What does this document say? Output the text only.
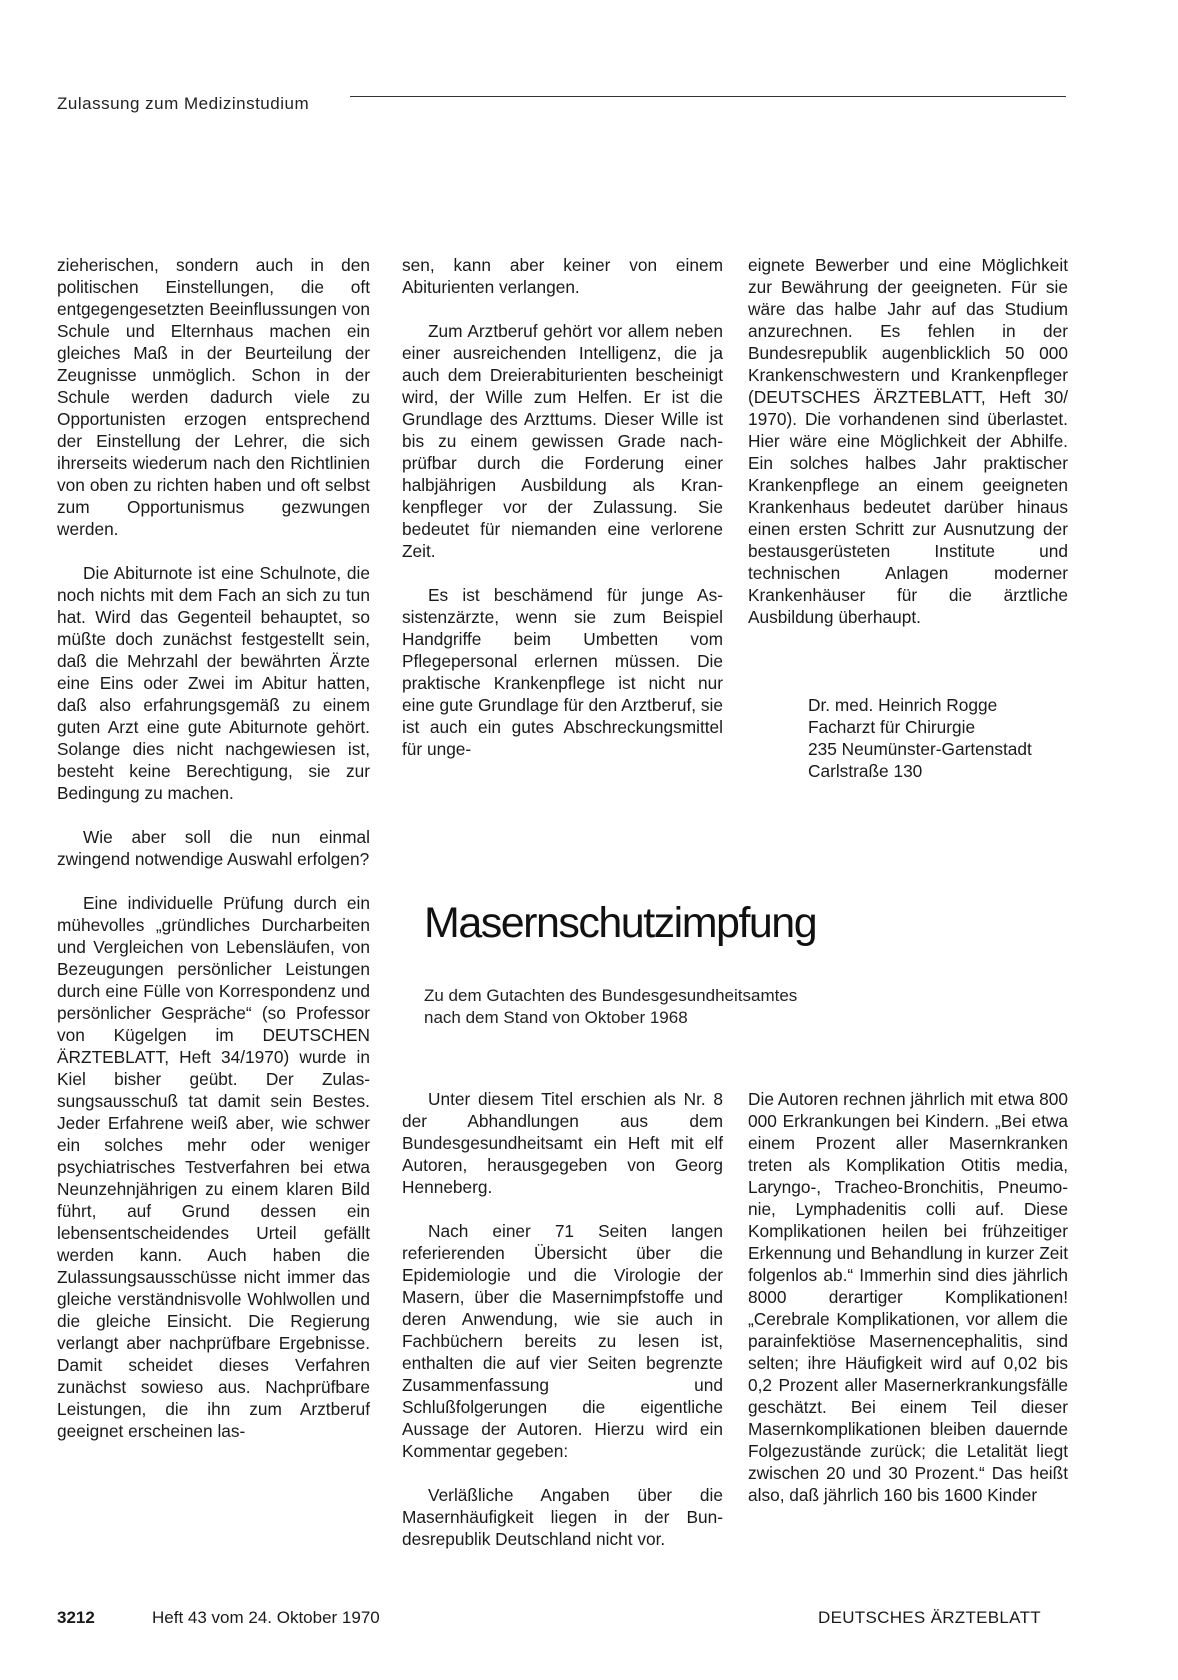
Zulassung zum Medizinstudium

zieherischen, sondern auch in den politischen Einstellungen, die oft entgegengesetzten Beeinflussungen von Schule und Elternhaus machen ein gleiches Maß in der Beurteilung der Zeugnisse unmöglich. Schon in der Schule werden dadurch viele zu Opportunisten erzogen entsprechend der Einstellung der Lehrer, die sich ihrerseits wiederum nach den Richtlinien von oben zu richten haben und oft selbst zum Opportunismus gezwungen werden.

Die Abiturnote ist eine Schulnote, die noch nichts mit dem Fach an sich zu tun hat. Wird das Gegenteil behauptet, so müßte doch zunächst festgestellt sein, daß die Mehrzahl der bewährten Ärzte eine Eins oder Zwei im Abitur hatten, daß also erfahrungsgemäß zu einem guten Arzt eine gute Abiturnote gehört. Solange dies nicht nachgewiesen ist, besteht keine Berechtigung, sie zur Bedingung zu machen.

Wie aber soll die nun einmal zwingend notwendige Auswahl erfolgen?

Eine individuelle Prüfung durch ein mühevolles „gründliches Durcharbeiten und Vergleichen von Lebensläufen, von Bezeugungen persönlicher Leistungen durch eine Fülle von Korrespondenz und persönlicher Gespräche“ (so Professor von Kügelgen im DEUTSCHEN ÄRZTEBLATT, Heft 34/1970) wurde in Kiel bisher geübt. Der Zulassungsausschuß tat damit sein Bestes. Jeder Erfahrene weiß aber, wie schwer ein solches mehr oder weniger psychiatrisches Testverfahren bei etwa Neunzehnjährigen zu einem klaren Bild führt, auf Grund dessen ein lebensentscheidendes Urteil gefällt werden kann. Auch haben die Zulassungsausschüsse nicht immer das gleiche verständnisvolle Wohlwollen und die gleiche Einsicht. Die Regierung verlangt aber nachprüfbare Ergebnisse. Damit scheidet dieses Verfahren zunächst sowieso aus. Nachprüfbare Leistungen, die ihn zum Arztberuf geeignet erscheinen las-

sen, kann aber keiner von einem Abiturienten verlangen.

Zum Arztberuf gehört vor allem neben einer ausreichenden Intelligenz, die ja auch dem Dreierabiturienten bescheinigt wird, der Wille zum Helfen. Er ist die Grundlage des Arzttums. Dieser Wille ist bis zu einem gewissen Grade nachprüfbar durch die Forderung einer halbjährigen Ausbildung als Krankenpfleger vor der Zulassung. Sie bedeutet für niemanden eine verlorene Zeit.

Es ist beschämend für junge Assistenzärzte, wenn sie zum Beispiel Handgriffe beim Umbetten vom Pflegepersonal erlernen müssen. Die praktische Krankenpflege ist nicht nur eine gute Grundlage für den Arztberuf, sie ist auch ein gutes Abschreckungsmittel für unge-

eignete Bewerber und eine Möglichkeit zur Bewährung der geeigneten. Für sie wäre das halbe Jahr auf das Studium anzurechnen. Es fehlen in der Bundesrepublik augenblicklich 50 000 Krankenschwestern und Krankenpfleger (DEUTSCHES ÄRZTEBLATT, Heft 30/ 1970). Die vorhandenen sind überlastet. Hier wäre eine Möglichkeit der Abhilfe. Ein solches halbes Jahr praktischer Krankenpflege an einem geeigneten Krankenhaus bedeutet darüber hinaus einen ersten Schritt zur Ausnutzung der bestausgerüsteten Institute und technischen Anlagen moderner Krankenhäuser für die ärztliche Ausbildung überhaupt.

Dr. med. Heinrich Rogge
Facharzt für Chirurgie
235 Neumünster-Gartenstadt
Carlstraße 130
Masernschutzimpfung
Zu dem Gutachten des Bundesgesundheitsamtes
nach dem Stand von Oktober 1968

Unter diesem Titel erschien als Nr. 8 der Abhandlungen aus dem Bundesgesundheitsamt ein Heft mit elf Autoren, herausgegeben von Georg Henneberg.

Nach einer 71 Seiten langen referierenden Übersicht über die Epidemiologie und die Virologie der Masern, über die Masernimpfstoffe und deren Anwendung, wie sie auch in Fachbüchern bereits zu lesen ist, enthalten die auf vier Seiten begrenzte Zusammenfassung und Schlußfolgerungen die eigentliche Aussage der Autoren. Hierzu wird ein Kommentar gegeben:

Verläßliche Angaben über die Masernhäufigkeit liegen in der Bundesrepublik Deutschland nicht vor.

Die Autoren rechnen jährlich mit etwa 800 000 Erkrankungen bei Kindern. „Bei etwa einem Prozent aller Masernkranken treten als Komplikation Otitis media, Laryngo-, Tracheo-Bronchitis, Pneumonie, Lymphadenitis colli auf. Diese Komplikationen heilen bei frühzeitiger Erkennung und Behandlung in kurzer Zeit folgenlos ab.“ Immerhin sind dies jährlich 8000 derartiger Komplikationen! „Cerebrale Komplikationen, vor allem die parainfektiöse Masernencephalitis, sind selten; ihre Häufigkeit wird auf 0,02 bis 0,2 Prozent aller Masernerkrankungsfälle geschätzt. Bei einem Teil dieser Masernkomplikationen bleiben dauernde Folgezustände zurück; die Letalität liegt zwischen 20 und 30 Prozent.“ Das heißt also, daß jährlich 160 bis 1600 Kinder

3212	Heft 43 vom 24. Oktober 1970	DEUTSCHES ÄRZTEBLATT
